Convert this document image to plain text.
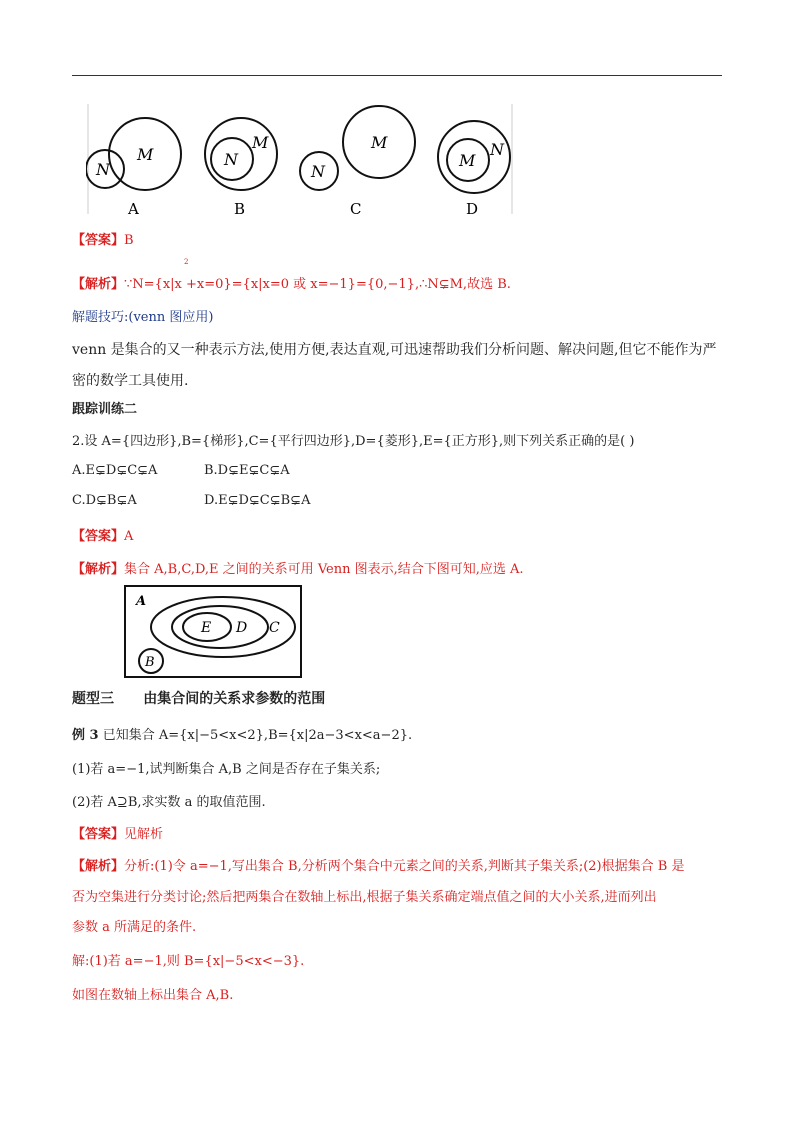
M
N
A
M
N
B
M
N
C
N
M
D
【答案】B
2
【解析】∵N={x|x +x=0}={x|x=0 或 x=−1}={0,−1},∴N⊊M,故选 B.
解题技巧:(venn 图应用)
venn 是集合的又一种表示方法,使用方便,表达直观,可迅速帮助我们分析问题、解决问题,但它不能作为严
密的数学工具使用.
跟踪训练二
2.设 A={四边形},B={梯形},C={平行四边形},D={菱形},E={正方形},则下列关系正确的是( )
A.E⊊D⊊C⊊A	B.D⊊E⊊C⊊A
C.D⊊B⊊A	D.E⊊D⊊C⊊B⊊A
【答案】A
【解析】集合 A,B,C,D,E 之间的关系可用 Venn 图表示,结合下图可知,应选 A.
A
E D C
B
题型三      由集合间的关系求参数的范围
例 3 已知集合 A={x|−5<x<2},B={x|2a−3<x<a−2}.
(1)若 a=−1,试判断集合 A,B 之间是否存在子集关系;
(2)若 A⊇B,求实数 a 的取值范围.
【答案】见解析
【解析】分析:(1)令 a=−1,写出集合 B,分析两个集合中元素之间的关系,判断其子集关系;(2)根据集合 B 是
否为空集进行分类讨论;然后把两集合在数轴上标出,根据子集关系确定端点值之间的大小关系,进而列出
参数 a 所满足的条件.
解:(1)若 a=−1,则 B={x|−5<x<−3}.
如图在数轴上标出集合 A,B.
